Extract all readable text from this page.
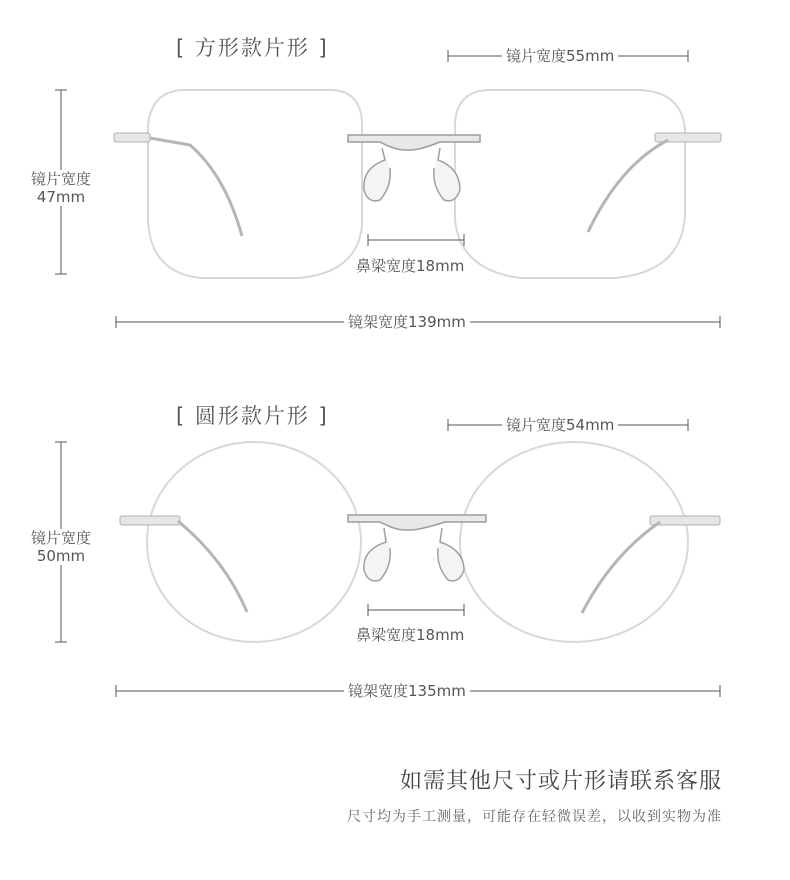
[ 方形款片形 ]	镜片宽度55mm
镜片宽度
47mm
鼻梁宽度18mm
镜架宽度139mm
[ 圆形款片形 ]	镜片宽度54mm
镜片宽度
50mm
鼻梁宽度18mm
镜架宽度135mm
如需其他尺寸或片形请联系客服
尺寸均为手工测量，可能存在轻微误差，以收到实物为准
